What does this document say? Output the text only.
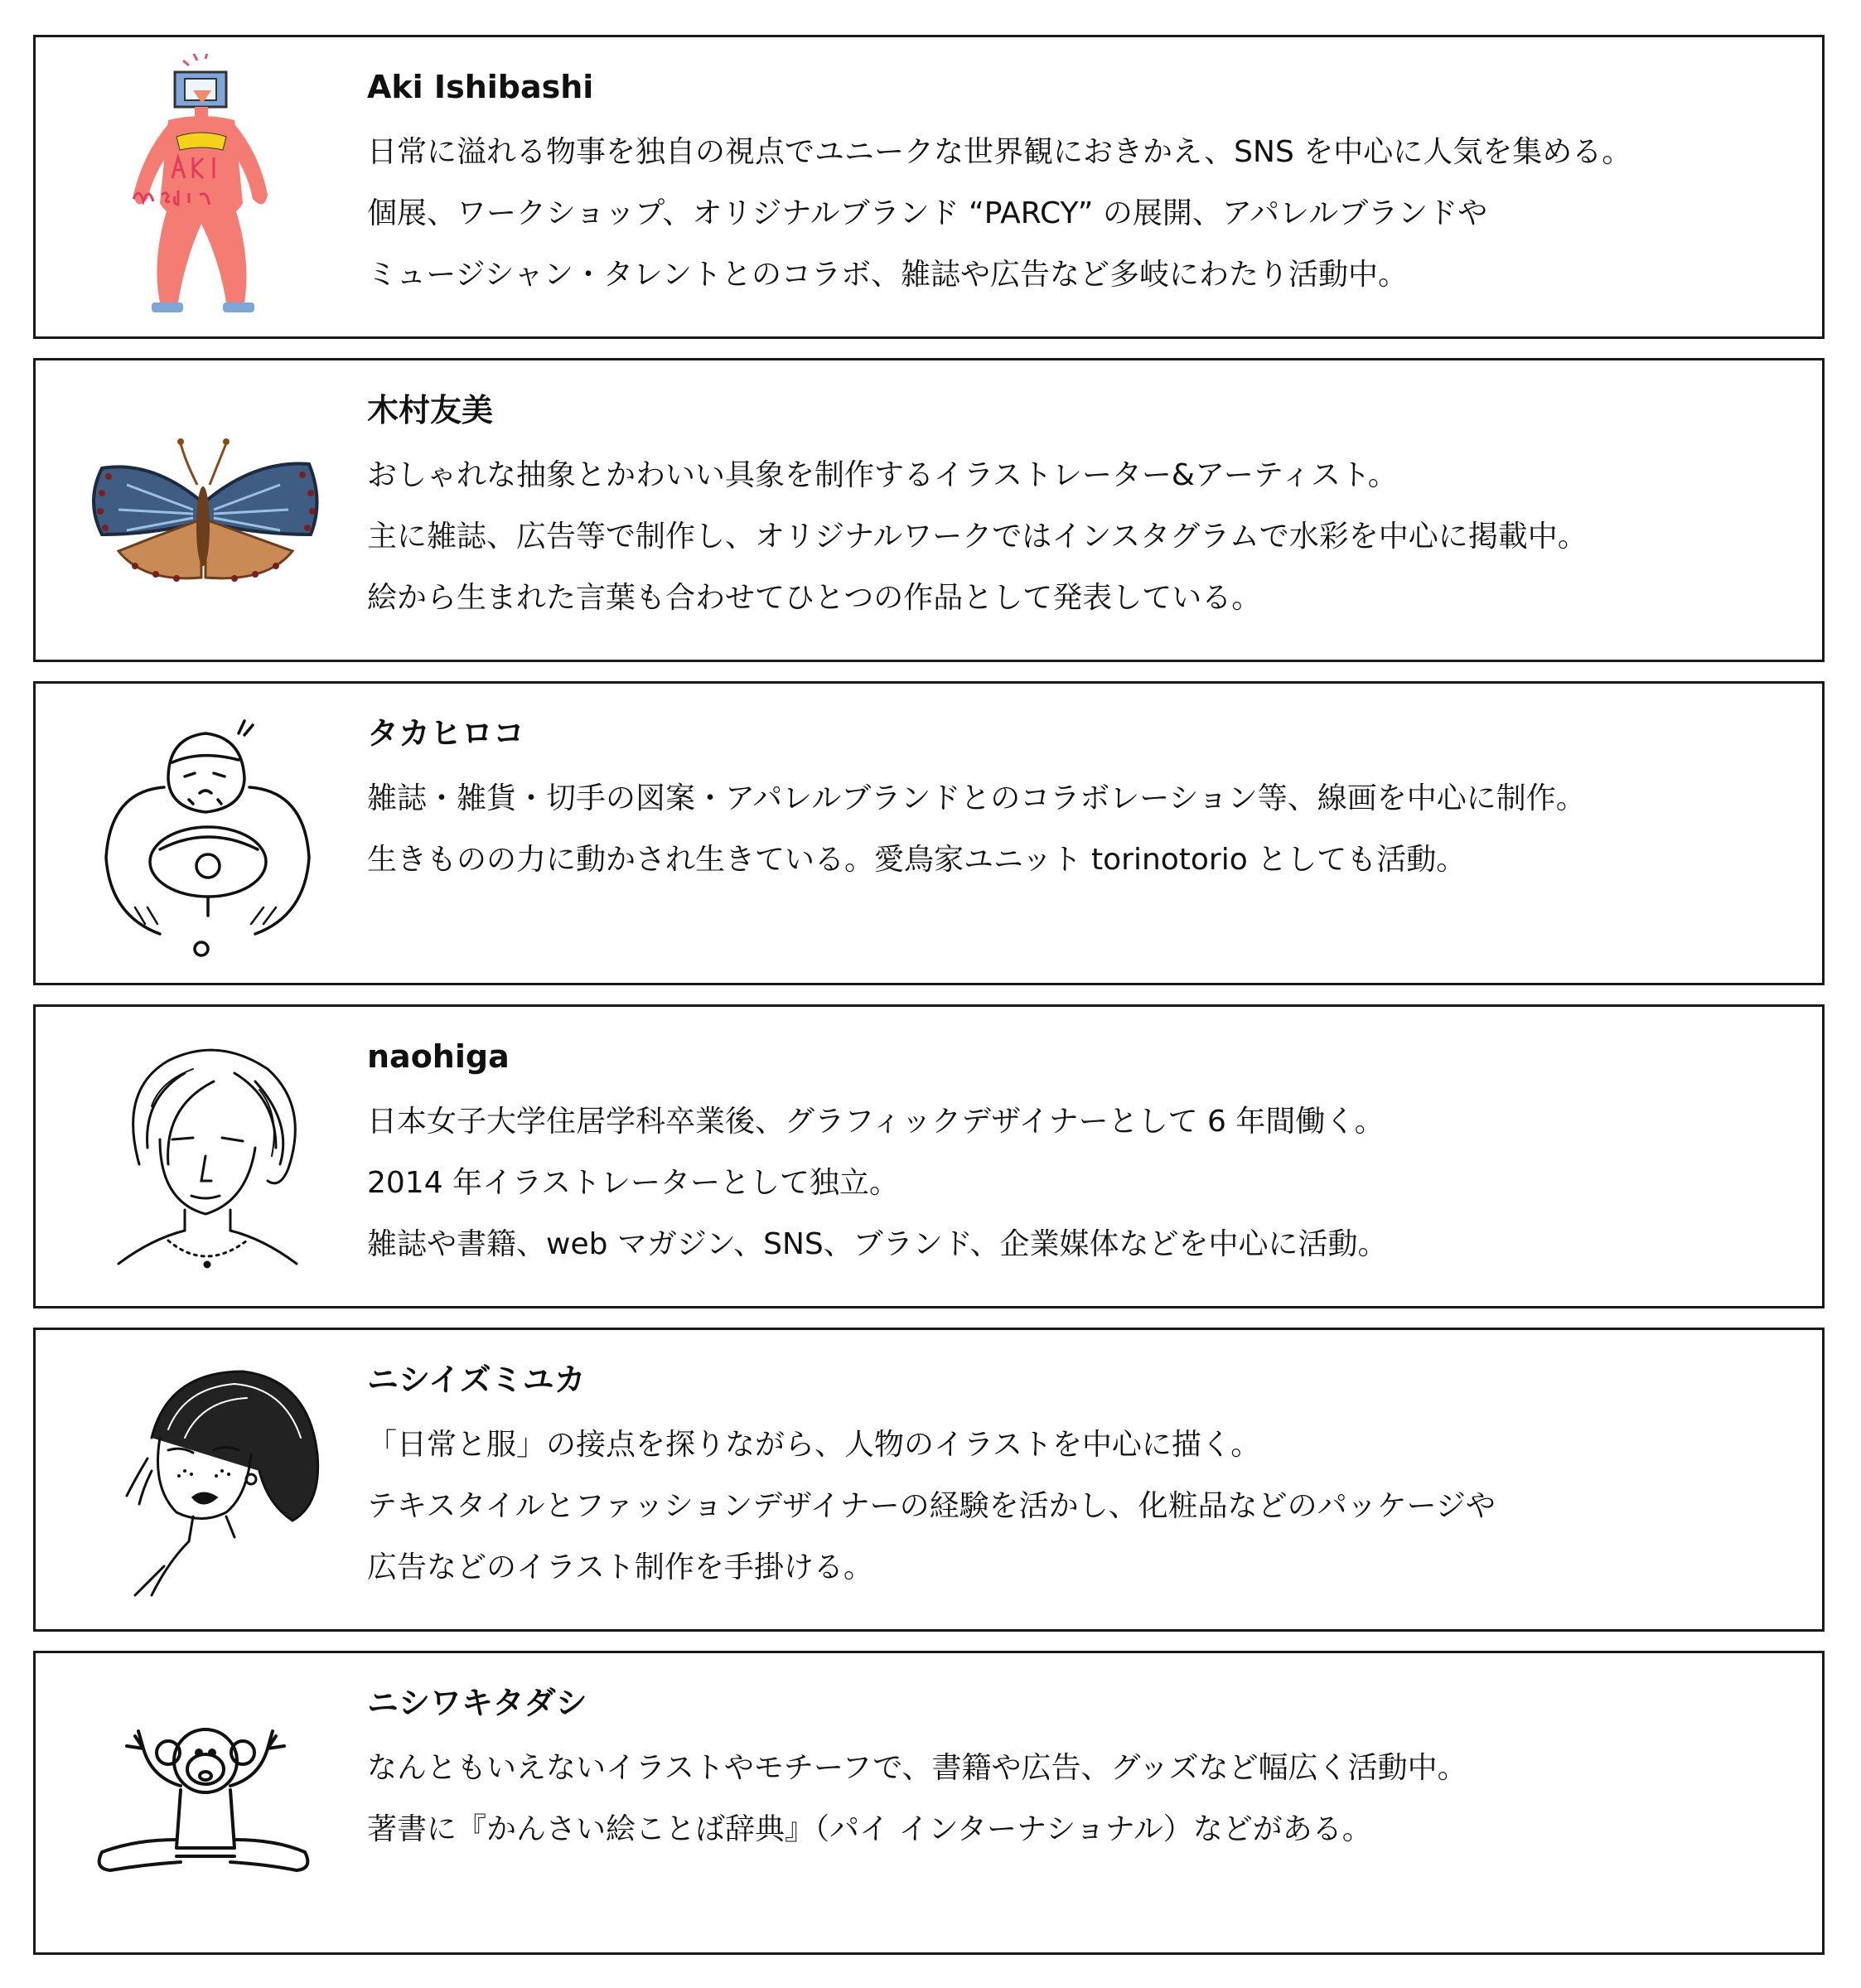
Aki Ishibashi
日常に溢れる物事を独自の視点でユニークな世界観におきかえ、SNS を中心に人気を集める。
個展、ワークショップ、オリジナルブランド “PARCY” の展開、アパレルブランドや
ミュージシャン・タレントとのコラボ、雑誌や広告など多岐にわたり活動中。
木村友美
おしゃれな抽象とかわいい具象を制作するイラストレーター&アーティスト。
主に雑誌、広告等で制作し、オリジナルワークではインスタグラムで水彩を中心に掲載中。
絵から生まれた言葉も合わせてひとつの作品として発表している。
タカヒロコ
雑誌・雑貨・切手の図案・アパレルブランドとのコラボレーション等、線画を中心に制作。
生きものの力に動かされ生きている。愛鳥家ユニット torinotorio としても活動。
naohiga
日本女子大学住居学科卒業後、グラフィックデザイナーとして 6 年間働く。
2014 年イラストレーターとして独立。
雑誌や書籍、web マガジン、SNS、ブランド、企業媒体などを中心に活動。
ニシイズミユカ
「日常と服」の接点を探りながら、人物のイラストを中心に描く。
テキスタイルとファッションデザイナーの経験を活かし、化粧品などのパッケージや
広告などのイラスト制作を手掛ける。
ニシワキタダシ
なんともいえないイラストやモチーフで、書籍や広告、グッズなど幅広く活動中。
著書に『かんさい絵ことば辞典』（パイ インターナショナル）などがある。
